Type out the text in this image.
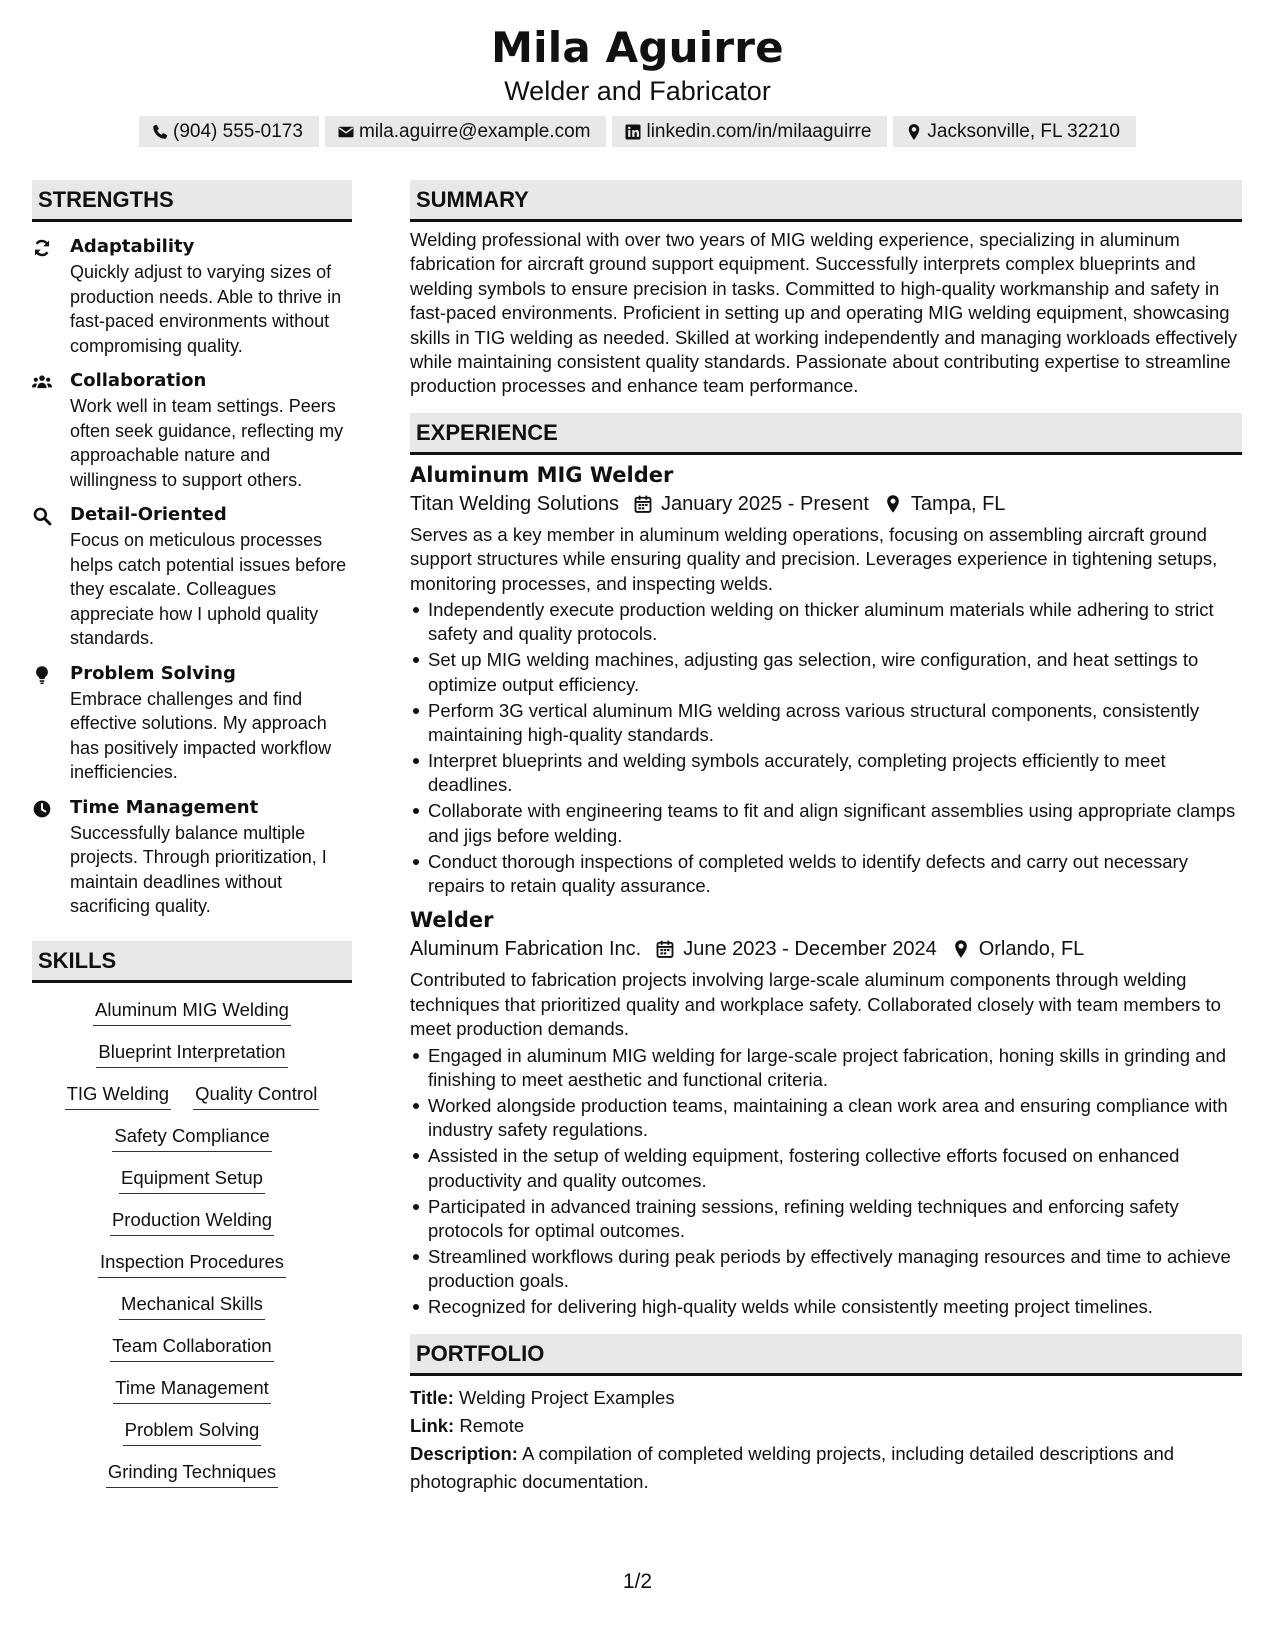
Mila Aguirre
Welder and Fabricator
(904) 555-0173	mila.aguirre@example.com	linkedin.com/in/milaaguirre	Jacksonville, FL 32210
STRENGTHS
Adaptability
Quickly adjust to varying sizes of production needs. Able to thrive in fast-paced environments without compromising quality.
Collaboration
Work well in team settings. Peers often seek guidance, reflecting my approachable nature and willingness to support others.
Detail-Oriented
Focus on meticulous processes helps catch potential issues before they escalate. Colleagues appreciate how I uphold quality standards.
Problem Solving
Embrace challenges and find effective solutions. My approach has positively impacted workflow inefficiencies.
Time Management
Successfully balance multiple projects. Through prioritization, I maintain deadlines without sacrificing quality.
SKILLS
Aluminum MIG Welding
Blueprint Interpretation
TIG Welding Quality Control
Safety Compliance
Equipment Setup
Production Welding
Inspection Procedures
Mechanical Skills
Team Collaboration
Time Management
Problem Solving
Grinding Techniques
SUMMARY
Welding professional with over two years of MIG welding experience, specializing in aluminum fabrication for aircraft ground support equipment. Successfully interprets complex blueprints and welding symbols to ensure precision in tasks. Committed to high-quality workmanship and safety in fast-paced environments. Proficient in setting up and operating MIG welding equipment, showcasing skills in TIG welding as needed. Skilled at working independently and managing workloads effectively while maintaining consistent quality standards. Passionate about contributing expertise to streamline production processes and enhance team performance.
EXPERIENCE
Aluminum MIG Welder
Titan Welding Solutions January 2025 - Present Tampa, FL
Serves as a key member in aluminum welding operations, focusing on assembling aircraft ground support structures while ensuring quality and precision. Leverages experience in tightening setups, monitoring processes, and inspecting welds.
Independently execute production welding on thicker aluminum materials while adhering to strict safety and quality protocols.
Set up MIG welding machines, adjusting gas selection, wire configuration, and heat settings to optimize output efficiency.
Perform 3G vertical aluminum MIG welding across various structural components, consistently maintaining high-quality standards.
Interpret blueprints and welding symbols accurately, completing projects efficiently to meet deadlines.
Collaborate with engineering teams to fit and align significant assemblies using appropriate clamps and jigs before welding.
Conduct thorough inspections of completed welds to identify defects and carry out necessary repairs to retain quality assurance.
Welder
Aluminum Fabrication Inc. June 2023 - December 2024 Orlando, FL
Contributed to fabrication projects involving large-scale aluminum components through welding techniques that prioritized quality and workplace safety. Collaborated closely with team members to meet production demands.
Engaged in aluminum MIG welding for large-scale project fabrication, honing skills in grinding and finishing to meet aesthetic and functional criteria.
Worked alongside production teams, maintaining a clean work area and ensuring compliance with industry safety regulations.
Assisted in the setup of welding equipment, fostering collective efforts focused on enhanced productivity and quality outcomes.
Participated in advanced training sessions, refining welding techniques and enforcing safety protocols for optimal outcomes.
Streamlined workflows during peak periods by effectively managing resources and time to achieve production goals.
Recognized for delivering high-quality welds while consistently meeting project timelines.
PORTFOLIO
Title: Welding Project Examples
Link: Remote
Description: A compilation of completed welding projects, including detailed descriptions and photographic documentation.
1/2
